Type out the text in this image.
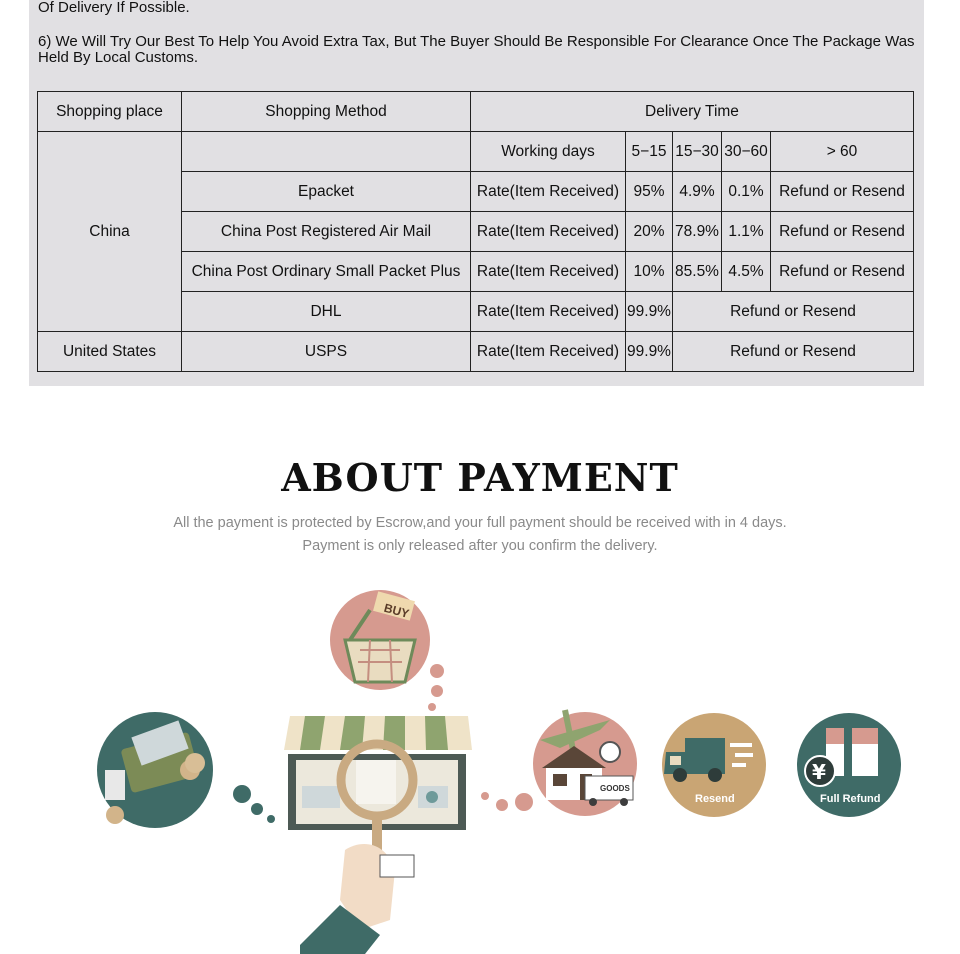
Of Delivery If Possible.
6) We Will Try Our Best To Help You Avoid Extra Tax, But The Buyer Should Be Responsible For Clearance Once The Package Was Held By Local Customs.
Shopping place	Shopping Method	Delivery Time				
China		Working days	5−15	15−30	30−60	> 60
	Epacket	Rate(Item Received)	95%	4.9%	0.1%	Refund or Resend
	China Post Registered Air Mail	Rate(Item Received)	20%	78.9%	1.1%	Refund or Resend
	China Post Ordinary Small Packet Plus	Rate(Item Received)	10%	85.5%	4.5%	Refund or Resend
	DHL	Rate(Item Received)	99.9%	Refund or Resend		
United States	USPS	Rate(Item Received)	99.9%	Refund or Resend		
ABOUT PAYMENT
All the payment is protected by Escrow,and your full payment should be received with in 4 days.
Payment is only released after you confirm the delivery.
BUY
GOODS
Resend
¥
Full Refund
